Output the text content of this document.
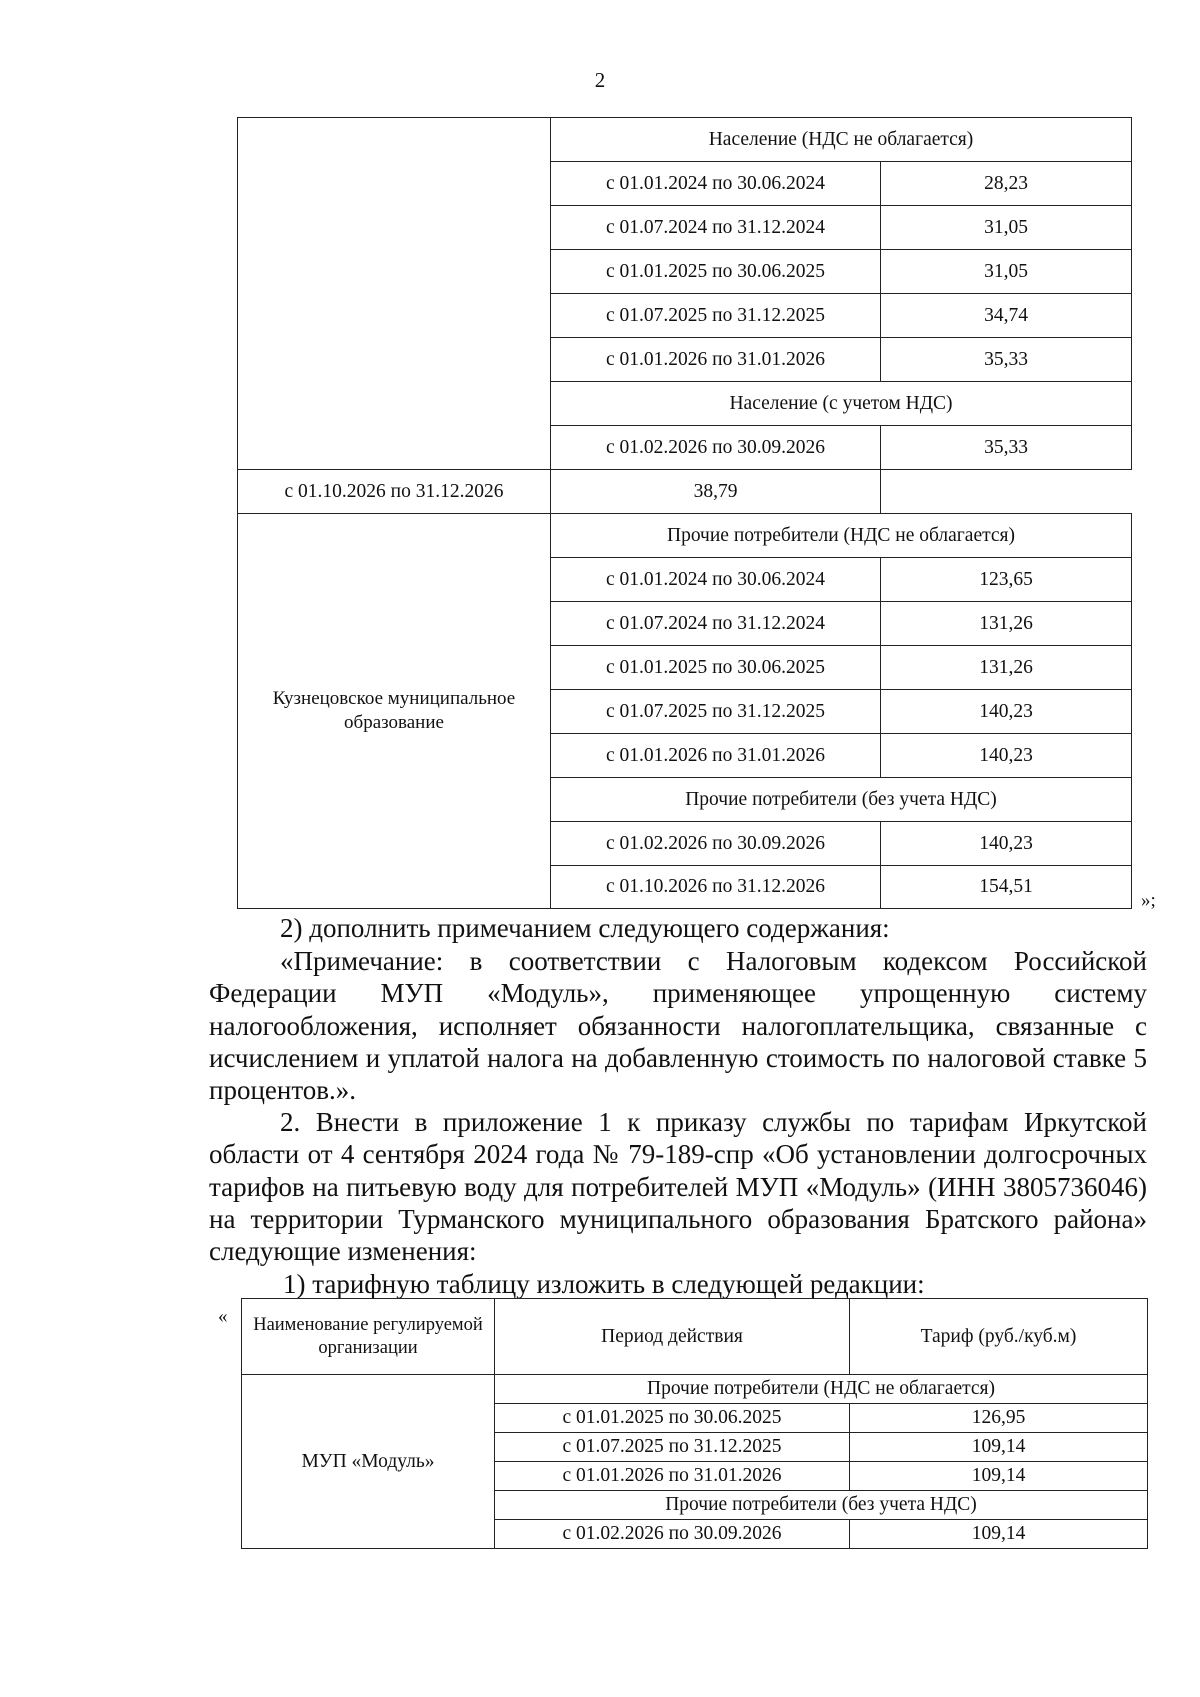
2
	Население (НДС не облагается)	
	с 01.01.2024 по 30.06.2024	28,23
	с 01.07.2024 по 31.12.2024	31,05
	с 01.01.2025 по 30.06.2025	31,05
	с 01.07.2025 по 31.12.2025	34,74
	с 01.01.2026 по 31.01.2026	35,33
	Население (с учетом НДС)	
	с 01.02.2026 по 30.09.2026	35,33
с 01.10.2026 по 31.12.2026	38,79	
Кузнецовское муниципальное образование	Прочие потребители (НДС не облагается)	
	с 01.01.2024 по 30.06.2024	123,65
	с 01.07.2024 по 31.12.2024	131,26
	с 01.01.2025 по 30.06.2025	131,26
	с 01.07.2025 по 31.12.2025	140,23
	с 01.01.2026 по 31.01.2026	140,23
	Прочие потребители (без учета НДС)	
	с 01.02.2026 по 30.09.2026	140,23
	с 01.10.2026 по 31.12.2026	154,51
»;

2) дополнить примечанием следующего содержания:

«Примечание: в соответствии с Налоговым кодексом Российской Федерации МУП «Модуль», применяющее упрощенную систему налогообложения, исполняет обязанности налогоплательщика, связанные с исчислением и уплатой налога на добавленную стоимость по налоговой ставке 5 процентов.».

2. Внести в приложение 1 к приказу службы по тарифам Иркутской области от 4 сентября 2024 года № 79-189-спр «Об установлении долгосрочных тарифов на питьевую воду для потребителей МУП «Модуль» (ИНН 3805736046) на территории Турманского муниципального образования Братского района» следующие изменения:

1) тарифную таблицу изложить в следующей редакции:

« Наименование регулируемой организации	Период действия	Тариф (руб./куб.м)
МУП «Модуль»	Прочие потребители (НДС не облагается)	
	с 01.01.2025 по 30.06.2025	126,95
	с 01.07.2025 по 31.12.2025	109,14
	с 01.01.2026 по 31.01.2026	109,14
	Прочие потребители (без учета НДС)	
	с 01.02.2026 по 30.09.2026	109,14
